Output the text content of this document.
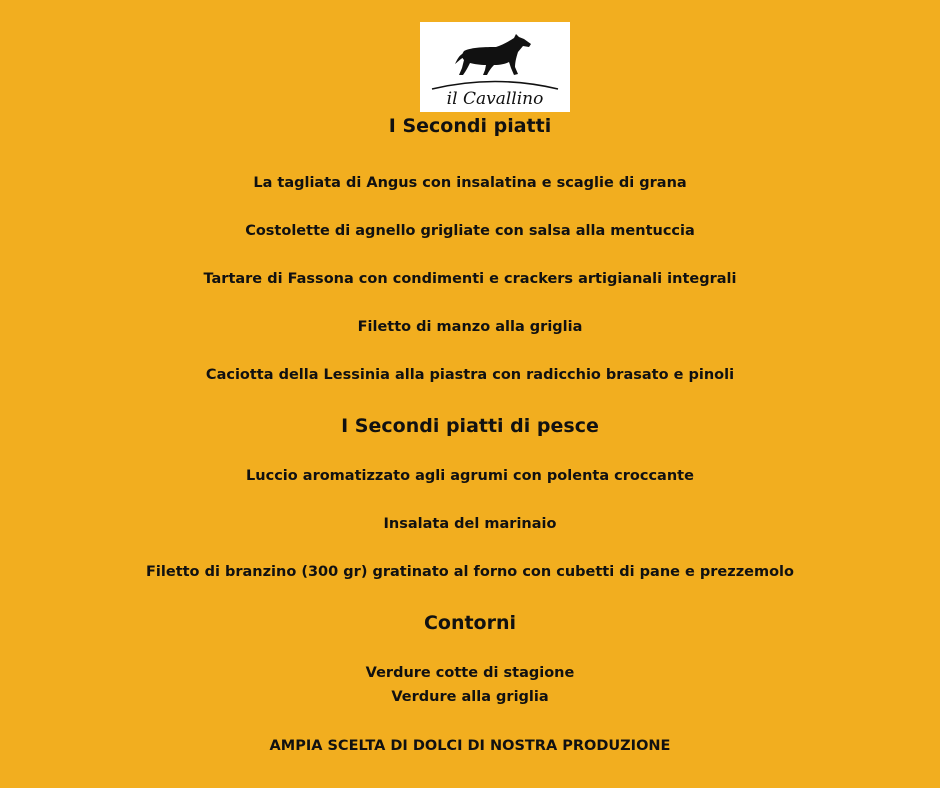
il Cavallino
I Secondi piatti
La tagliata di Angus con insalatina e scaglie di grana
Costolette di agnello grigliate con salsa alla mentuccia
Tartare di Fassona con condimenti e crackers artigianali integrali
Filetto di manzo alla griglia
Caciotta della Lessinia alla piastra con radicchio brasato e pinoli
I Secondi piatti di pesce
Luccio aromatizzato agli agrumi con polenta croccante
Insalata del marinaio
Filetto di branzino (300 gr) gratinato al forno con cubetti di pane e prezzemolo
Contorni
Verdure cotte di stagione
Verdure alla griglia
AMPIA SCELTA DI DOLCI DI NOSTRA PRODUZIONE
